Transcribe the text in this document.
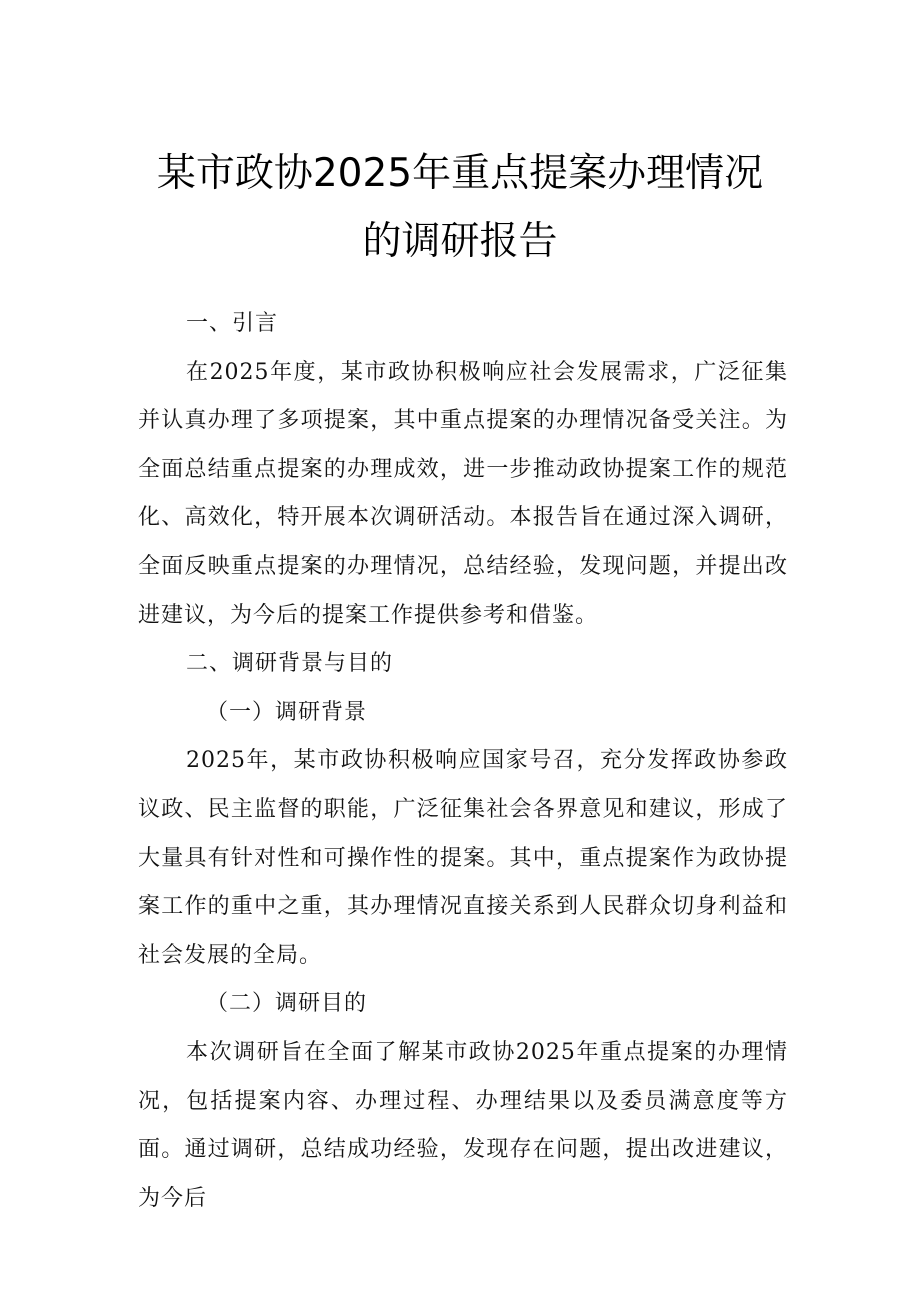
某市政协2025年重点提案办理情况
的调研报告

一、引言

在2025年度，某市政协积极响应社会发展需求，广泛征集并认真办理了多项提案，其中重点提案的办理情况备受关注。为全面总结重点提案的办理成效，进一步推动政协提案工作的规范化、高效化，特开展本次调研活动。本报告旨在通过深入调研，全面反映重点提案的办理情况，总结经验，发现问题，并提出改进建议，为今后的提案工作提供参考和借鉴。

二、调研背景与目的

（一）调研背景

2025年，某市政协积极响应国家号召，充分发挥政协参政议政、民主监督的职能，广泛征集社会各界意见和建议，形成了大量具有针对性和可操作性的提案。其中，重点提案作为政协提案工作的重中之重，其办理情况直接关系到人民群众切身利益和社会发展的全局。

（二）调研目的

本次调研旨在全面了解某市政协2025年重点提案的办理情况，包括提案内容、办理过程、办理结果以及委员满意度等方面。通过调研，总结成功经验，发现存在问题，提出改进建议，为今后
